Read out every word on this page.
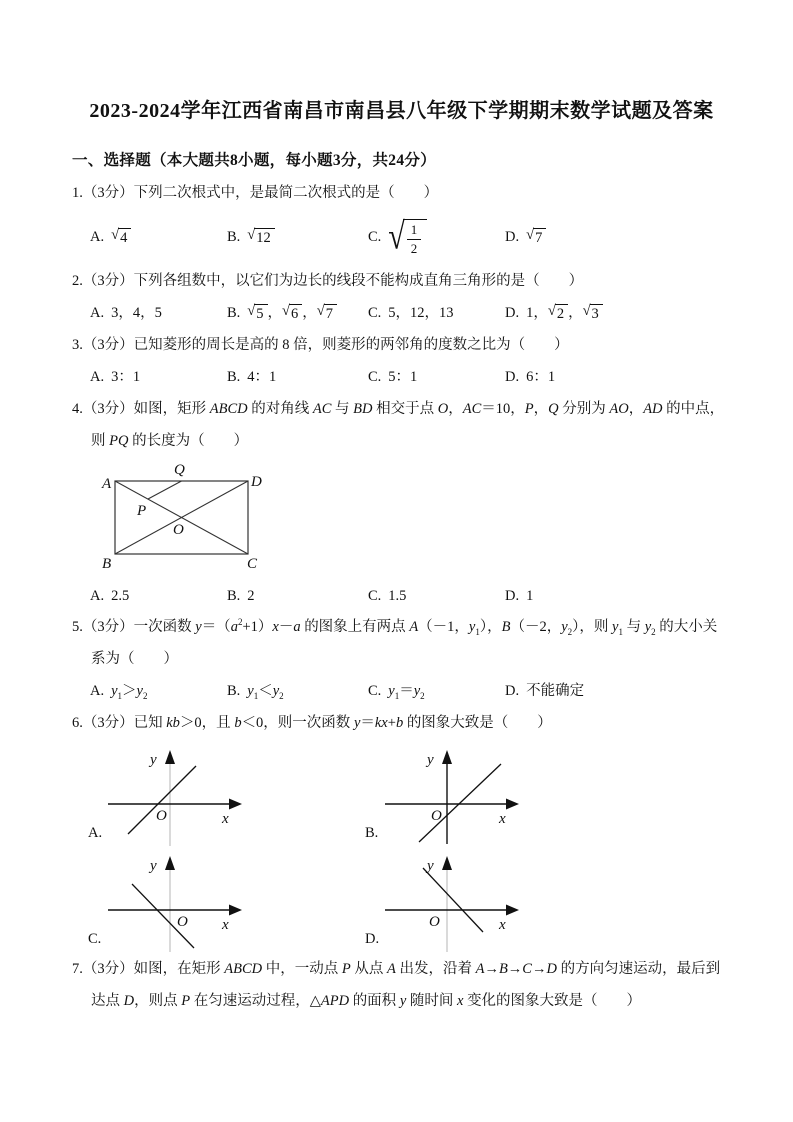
2023-2024学年江西省南昌市南昌县八年级下学期期末数学试题及答案
一、选择题（本大题共8小题，每小题3分，共24分）

1.（3分）下列二次根式中，是最简二次根式的是（　　）

A. √ 4	B. √ 12	C. √ $\frac{1}{2}$	D. √ 7

2.（3分）下列各组数中，以它们为边长的线段不能构成直角三角形的是（　　）

A. 3，4，5	B. √ 5 ， √ 6 ， √ 7 C. 5，12，13	D. 1， √ 2 ， √ 3

3.（3分）已知菱形的周长是高的 8 倍，则菱形的两邻角的度数之比为（　　）

A. 3：1	B. 4：1	C. 5：1	D. 6：1

4.（3分）如图，矩形 ABCD 的对角线 AC 与 BD 相交于点 O，AC＝10，P，Q 分别为 AO，AD 的中点，则 PQ 的长度为（　　）

A
Q
D
P
O
B	C
A. 2.5	B. 2	C. 1.5	D. 1

5.（3分）一次函数 $y=(a^2+1)x-a$ 的图象上有两点 A（－1，$y_1$），B（－2，$y_2$），则 $y_1$ 与 $y_2$ 的大小关系为（　　）

A. $y_1>y_2$	B. $y_1<y_2$	C. $y_1=y_2$	D. 不能确定

6.（3分）已知 kb＞0，且 b＜0，则一次函数 y＝kx+b 的图象大致是（　　）

A.
y
x
O
B.
y
x
O
C.
y
x
O
D.
y
x
O

7.（3分）如图，在矩形 ABCD 中，一动点 P 从点 A 出发，沿着 A→B→C→D 的方向匀速运动，最后到达点 D，则点 P 在匀速运动过程，△APD 的面积 y 随时间 x 变化的图象大致是（　　）
